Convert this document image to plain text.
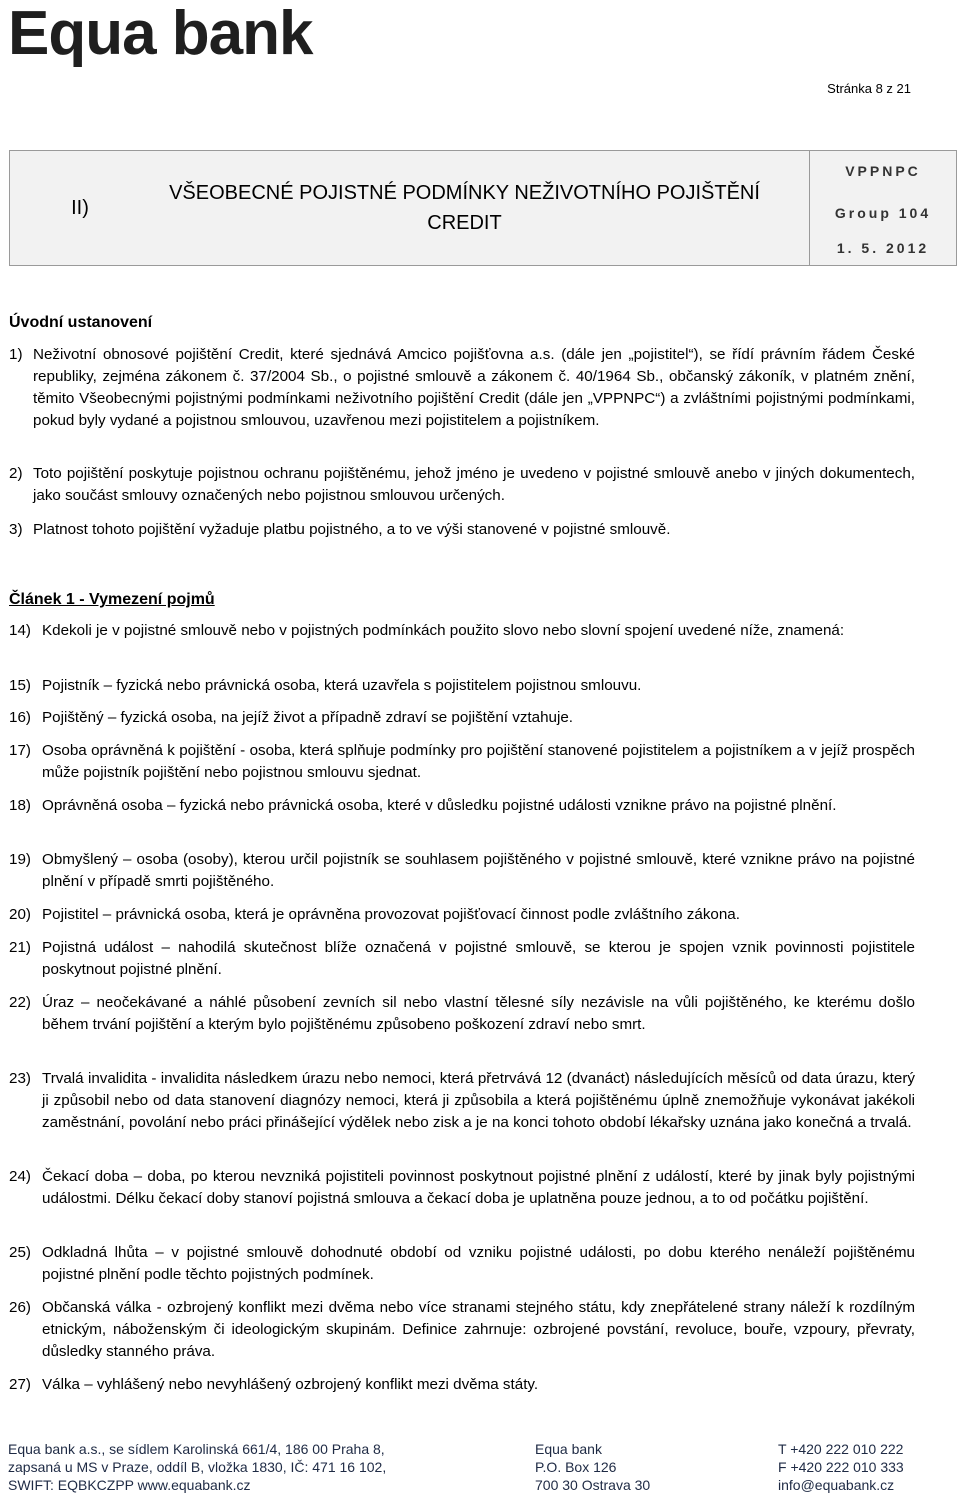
Equa bank
Stránka 8 z 21
II)
VŠEOBECNÉ POJISTNÉ PODMÍNKY NEŽIVOTNÍHO POJIŠTĚNÍ
CREDIT
VPPNPC
Group 104
1. 5. 2012
Úvodní ustanovení
1) Neživotní obnosové pojištění Credit, které sjednává Amcico pojišťovna a.s. (dále jen „pojistitel“), se řídí právním řádem České republiky, zejména zákonem č. 37/2004 Sb., o pojistné smlouvě a zákonem č. 40/1964 Sb., občanský zákoník, v platném znění, těmito Všeobecnými pojistnými podmínkami neživotního pojištění Credit (dále jen „VPPNPC“) a zvláštními pojistnými podmínkami, pokud byly vydané a pojistnou smlouvou, uzavřenou mezi pojistitelem a pojistníkem.
2) Toto pojištění poskytuje pojistnou ochranu pojištěnému, jehož jméno je uvedeno v pojistné smlouvě anebo v jiných dokumentech, jako součást smlouvy označených nebo pojistnou smlouvou určených.
3) Platnost tohoto pojištění vyžaduje platbu pojistného, a to ve výši stanovené v pojistné smlouvě.
Článek 1 - Vymezení pojmů
14) Kdekoli je v pojistné smlouvě nebo v pojistných podmínkách použito slovo nebo slovní spojení uvedené níže, znamená:
15) Pojistník – fyzická nebo právnická osoba, která uzavřela s pojistitelem pojistnou smlouvu.
16) Pojištěný – fyzická osoba, na jejíž život a případně zdraví se pojištění vztahuje.
17) Osoba oprávněná k pojištění - osoba, která splňuje podmínky pro pojištění stanovené pojistitelem a pojistníkem a v jejíž prospěch může pojistník pojištění nebo pojistnou smlouvu sjednat.
18) Oprávněná osoba – fyzická nebo právnická osoba, které v důsledku pojistné události vznikne právo na pojistné plnění.
19) Obmyšlený – osoba (osoby), kterou určil pojistník se souhlasem pojištěného v pojistné smlouvě, které vznikne právo na pojistné plnění v případě smrti pojištěného.
20) Pojistitel – právnická osoba, která je oprávněna provozovat pojišťovací činnost podle zvláštního zákona.
21) Pojistná událost – nahodilá skutečnost blíže označená v pojistné smlouvě, se kterou je spojen vznik povinnosti pojistitele poskytnout pojistné plnění.
22) Úraz – neočekávané a náhlé působení zevních sil nebo vlastní tělesné síly nezávisle na vůli pojištěného, ke kterému došlo během trvání pojištění a kterým bylo pojištěnému způsobeno poškození zdraví nebo smrt.
23) Trvalá invalidita - invalidita následkem úrazu nebo nemoci, která přetrvává 12 (dvanáct) následujících měsíců od data úrazu, který ji způsobil nebo od data stanovení diagnózy nemoci, která ji způsobila a která pojištěnému úplně znemožňuje vykonávat jakékoli zaměstnání, povolání nebo práci přinášející výdělek nebo zisk a je na konci tohoto období lékařsky uznána jako konečná a trvalá.
24) Čekací doba – doba, po kterou nevzniká pojistiteli povinnost poskytnout pojistné plnění z událostí, které by jinak byly pojistnými událostmi. Délku čekací doby stanoví pojistná smlouva a čekací doba je uplatněna pouze jednou, a to od počátku pojištění.
25) Odkladná lhůta – v pojistné smlouvě dohodnuté období od vzniku pojistné události, po dobu kterého nenáleží pojištěnému pojistné plnění podle těchto pojistných podmínek.
26) Občanská válka - ozbrojený konflikt mezi dvěma nebo více stranami stejného státu, kdy znepřátelené strany náleží k rozdílným etnickým, náboženským či ideologickým skupinám. Definice zahrnuje: ozbrojené povstání, revoluce, bouře, vzpoury, převraty, důsledky stanného práva.
27) Válka – vyhlášený nebo nevyhlášený ozbrojený konflikt mezi dvěma státy.
Equa bank a.s., se sídlem Karolinská 661/4, 186 00 Praha 8,
zapsaná u MS v Praze, oddíl B, vložka 1830, IČ: 471 16 102,
SWIFT: EQBKCZPP www.equabank.cz
Equa bank
P.O. Box 126
700 30 Ostrava 30
T +420 222 010 222
F +420 222 010 333
info@equabank.cz
